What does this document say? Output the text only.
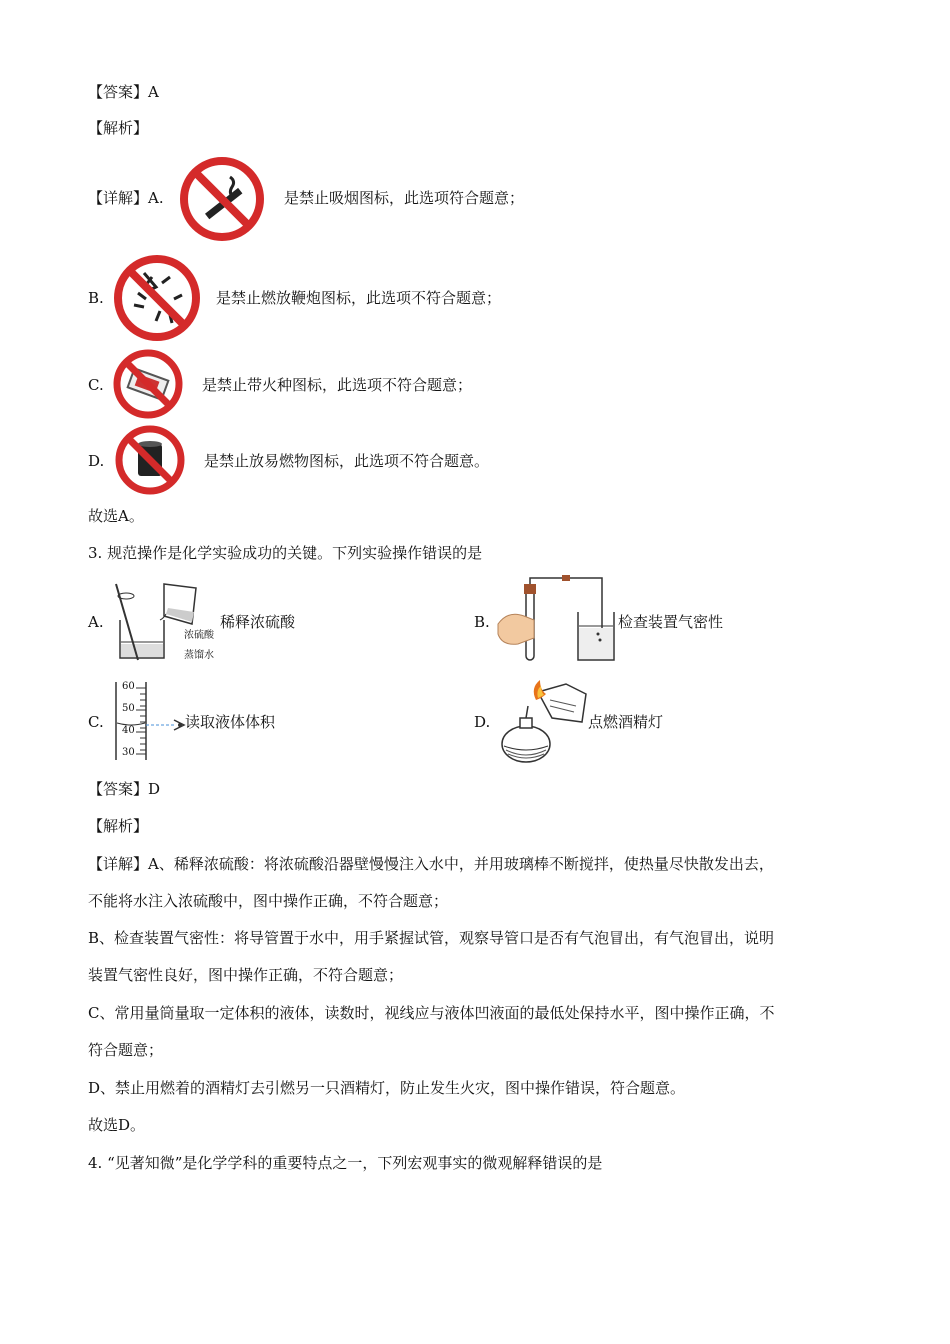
【答案】A
【解析】
【详解】A.	是禁止吸烟图标，此选项符合题意；
B.	是禁止燃放鞭炮图标，此选项不符合题意；
C.	是禁止带火种图标，此选项不符合题意；
D.	是禁止放易燃物图标，此选项不符合题意。
故选A。
3. 规范操作是化学实验成功的关键。下列实验操作错误的是
A.
浓硫酸
蒸馏水
稀释浓硫酸	B.	检查装置气密性
C.
60
50
40
30
读取液体体积	D.	点燃酒精灯
【答案】D
【解析】
【详解】A、稀释浓硫酸：将浓硫酸沿器壁慢慢注入水中，并用玻璃棒不断搅拌，使热量尽快散发出去，
不能将水注入浓硫酸中，图中操作正确，不符合题意；
B、检查装置气密性：将导管置于水中，用手紧握试管，观察导管口是否有气泡冒出，有气泡冒出，说明
装置气密性良好，图中操作正确，不符合题意；
C、常用量筒量取一定体积的液体，读数时，视线应与液体凹液面的最低处保持水平，图中操作正确，不
符合题意；
D、禁止用燃着的酒精灯去引燃另一只酒精灯，防止发生火灾，图中操作错误，符合题意。
故选D。
4. “见著知微”是化学学科的重要特点之一，下列宏观事实的微观解释错误的是
